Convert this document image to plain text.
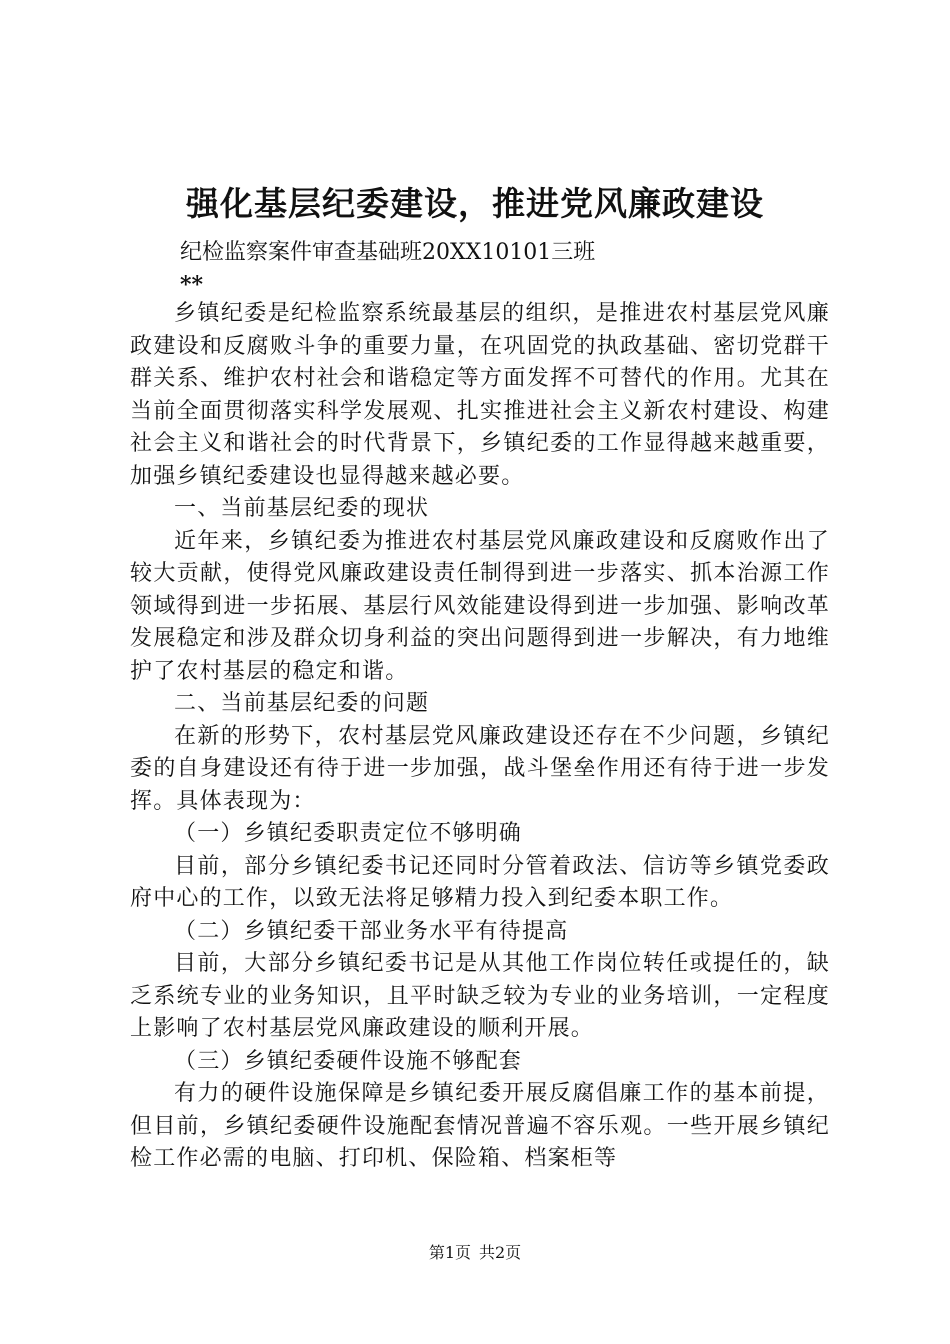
强化基层纪委建设，推进党风廉政建设
纪检监察案件审查基础班20XX10101三班
**

乡镇纪委是纪检监察系统最基层的组织，是推进农村基层党风廉政建设和反腐败斗争的重要力量，在巩固党的执政基础、密切党群干群关系、维护农村社会和谐稳定等方面发挥不可替代的作用。尤其在当前全面贯彻落实科学发展观、扎实推进社会主义新农村建设、构建社会主义和谐社会的时代背景下，乡镇纪委的工作显得越来越重要，加强乡镇纪委建设也显得越来越必要。

一、当前基层纪委的现状

近年来，乡镇纪委为推进农村基层党风廉政建设和反腐败作出了较大贡献，使得党风廉政建设责任制得到进一步落实、抓本治源工作领域得到进一步拓展、基层行风效能建设得到进一步加强、影响改革发展稳定和涉及群众切身利益的突出问题得到进一步解决，有力地维护了农村基层的稳定和谐。

二、当前基层纪委的问题

在新的形势下，农村基层党风廉政建设还存在不少问题，乡镇纪委的自身建设还有待于进一步加强，战斗堡垒作用还有待于进一步发挥。具体表现为：

（一）乡镇纪委职责定位不够明确

目前，部分乡镇纪委书记还同时分管着政法、信访等乡镇党委政府中心的工作，以致无法将足够精力投入到纪委本职工作。

（二）乡镇纪委干部业务水平有待提高

目前，大部分乡镇纪委书记是从其他工作岗位转任或提任的，缺乏系统专业的业务知识，且平时缺乏较为专业的业务培训，一定程度上影响了农村基层党风廉政建设的顺利开展。

（三）乡镇纪委硬件设施不够配套

有力的硬件设施保障是乡镇纪委开展反腐倡廉工作的基本前提，但目前，乡镇纪委硬件设施配套情况普遍不容乐观。一些开展乡镇纪检工作必需的电脑、打印机、保险箱、档案柜等

第1页 共2页
